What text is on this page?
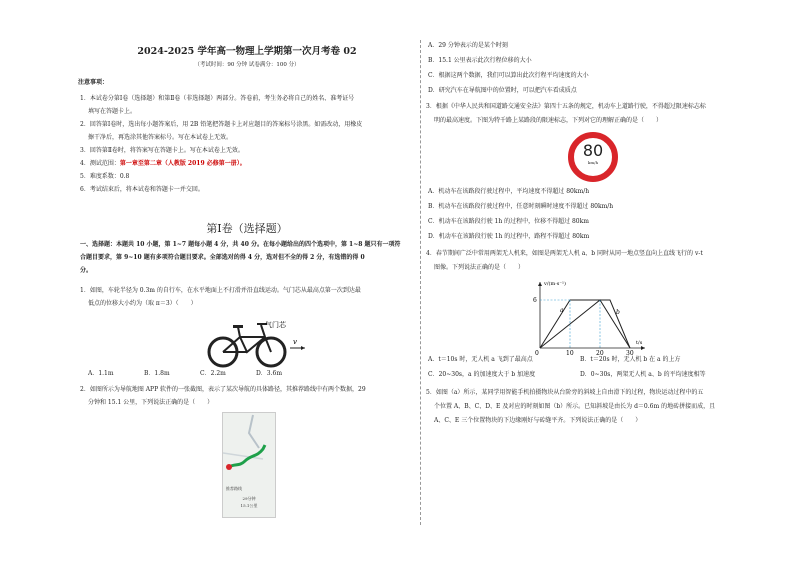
2024-2025 学年高一物理上学期第一次月考卷 02
（考试时间：90 分钟 试卷满分：100 分）
注意事项：
1．本试卷分第Ⅰ卷（选择题）和第Ⅱ卷（非选择题）两部分。答卷前，考生务必将自己的姓名、准考证号
填写在答题卡上。
2．回答第Ⅰ卷时，选出每小题答案后，用 2B 铅笔把答题卡上对应题目的答案标号涂黑。如需改动，用橡皮
擦干净后，再选涂其他答案标号。写在本试卷上无效。
3．回答第Ⅱ卷时，将答案写在答题卡上。写在本试卷上无效。
4．测试范围：第一章至第二章（人教版 2019 必修第一册）。
5．难度系数：0.8
6．考试结束后，将本试卷和答题卡一并交回。
第Ⅰ卷（选择题）
一、选择题：本题共 10 小题，第 1~7 题每小题 4 分，共 40 分。在每小题给出的四个选项中，第 1~8 题只有一项符
合题目要求，第 9~10 题有多项符合题目要求。全部选对的得 4 分，选对但不全的得 2 分，有选错的得 0
分。
1．如图，车轮半径为 0.3m 的自行车，在水平地面上不打滑并沿直线运动。气门芯从最高点第一次到达最
低点的位移大小约为（取 π＝3）（　　）
气门芯
v
A．1.1m	B．1.8m	C．2.2m	D．3.6m
2．如图所示为导航地图 APP 软件的一张截图，表示了某次导航的具体路径，其推荐路线中有两个数据，29
分钟和 15.1 公里，下列说法正确的是（　　）
推荐路线
29分钟
15.1公里
A．29 分钟表示的是某个时刻
B．15.1 公里表示此次行程位移的大小
C．根据这两个数据，我们可以算出此次行程平均速度的大小
D．研究汽车在导航图中的位置时，可以把汽车看成质点
3．根据《中华人民共和国道路交通安全法》第四十五条的规定，机动车上道路行驶，不得超过限速标志标
明的最高速度。下图为特千路上某路段的限速标志，下列对它的理解正确的是（　　）
80
km/h
A．机动车在该路段行驶过程中，平均速度不得超过 80km/h
B．机动车在该路段行驶过程中，任意时刻瞬时速度不得超过 80km/h
C．机动车在该路段行驶 1h 的过程中，位移不得超过 80km
D．机动车在该路段行驶 1h 的过程中，路程不得超过 80km
4．春节期间广泛中常用两架无人机来，如图是两架无人机 a、b 同时从同一地点竖直向上直线飞行的 v-t
图像。下列说法正确的是（　　）
v/(m·s⁻¹)
t/s
6
0	10	20	30
a	b
A．t＝10s 时，无人机 a 飞到了最高点	B．t＝20s 时，无人机 b 在 a 的上方
C．20~30s，a 的加速度大于 b 加速度	D．0~30s，两架无人机 a、b 的平均速度相等
5．如图（a）所示，某同学用智能手机拍摄物块从台阶旁的斜坡上自由滑下的过程，物块运动过程中的五
个位置 A、B、C、D、E 及对应的时刻如图（b）所示。已知斜坡是由长为 d＝0.6m 的地砖拼接而成，且
A、C、E 三个位置物块的下边缘刚好与砖缝平齐。下列说法正确的是（　　）
